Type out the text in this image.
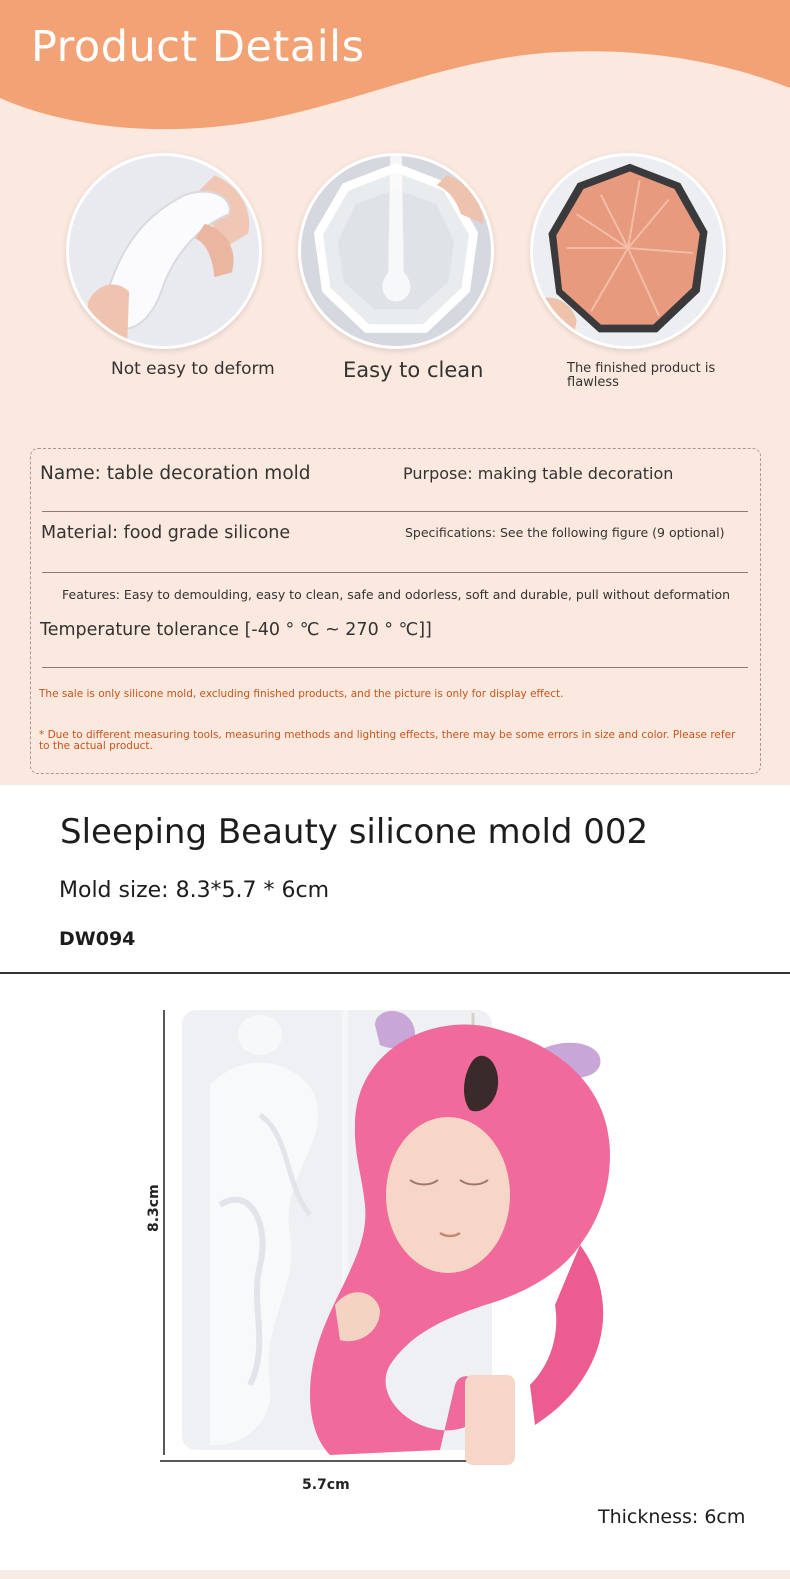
Product Details
Not easy to deform	Easy to clean	The finished product is flawless
Name: table decoration mold	Purpose: making table decoration
Material: food grade silicone	Specifications: See the following figure (9 optional)
Features: Easy to demoulding, easy to clean, safe and odorless, soft and durable, pull without deformation
Temperature tolerance [-40 ° ℃ ~ 270 ° ℃]]
The sale is only silicone mold, excluding finished products, and the picture is only for display effect.
* Due to different measuring tools, measuring methods and lighting effects, there may be some errors in size and color. Please refer to the actual product.
Sleeping Beauty silicone mold 002
Mold size: 8.3*5.7 * 6cm
DW094
8.3cm
5.7cm
Thickness: 6cm
